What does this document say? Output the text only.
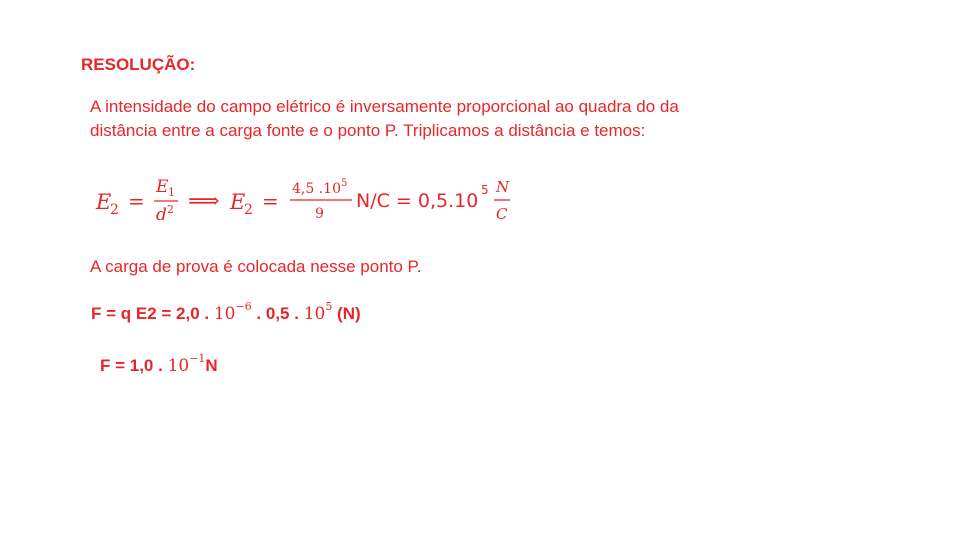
RESOLUÇÃO:
A intensidade do campo elétrico é inversamente proporcional ao quadra do da
distância entre a carga fonte e o ponto P. Triplicamos a distância e temos:
E
2 =
E 1
d 2 ⟹ E
2 = 4,5 .10 5
9
N/C = 0,5.10 5 N
C
A carga de prova é colocada nesse ponto P.
F = q E2 = 2,0 . $10^{-6}$ . 0,5 . $10^5$ (N)
F = 1,0 . $10^{-1}N$
